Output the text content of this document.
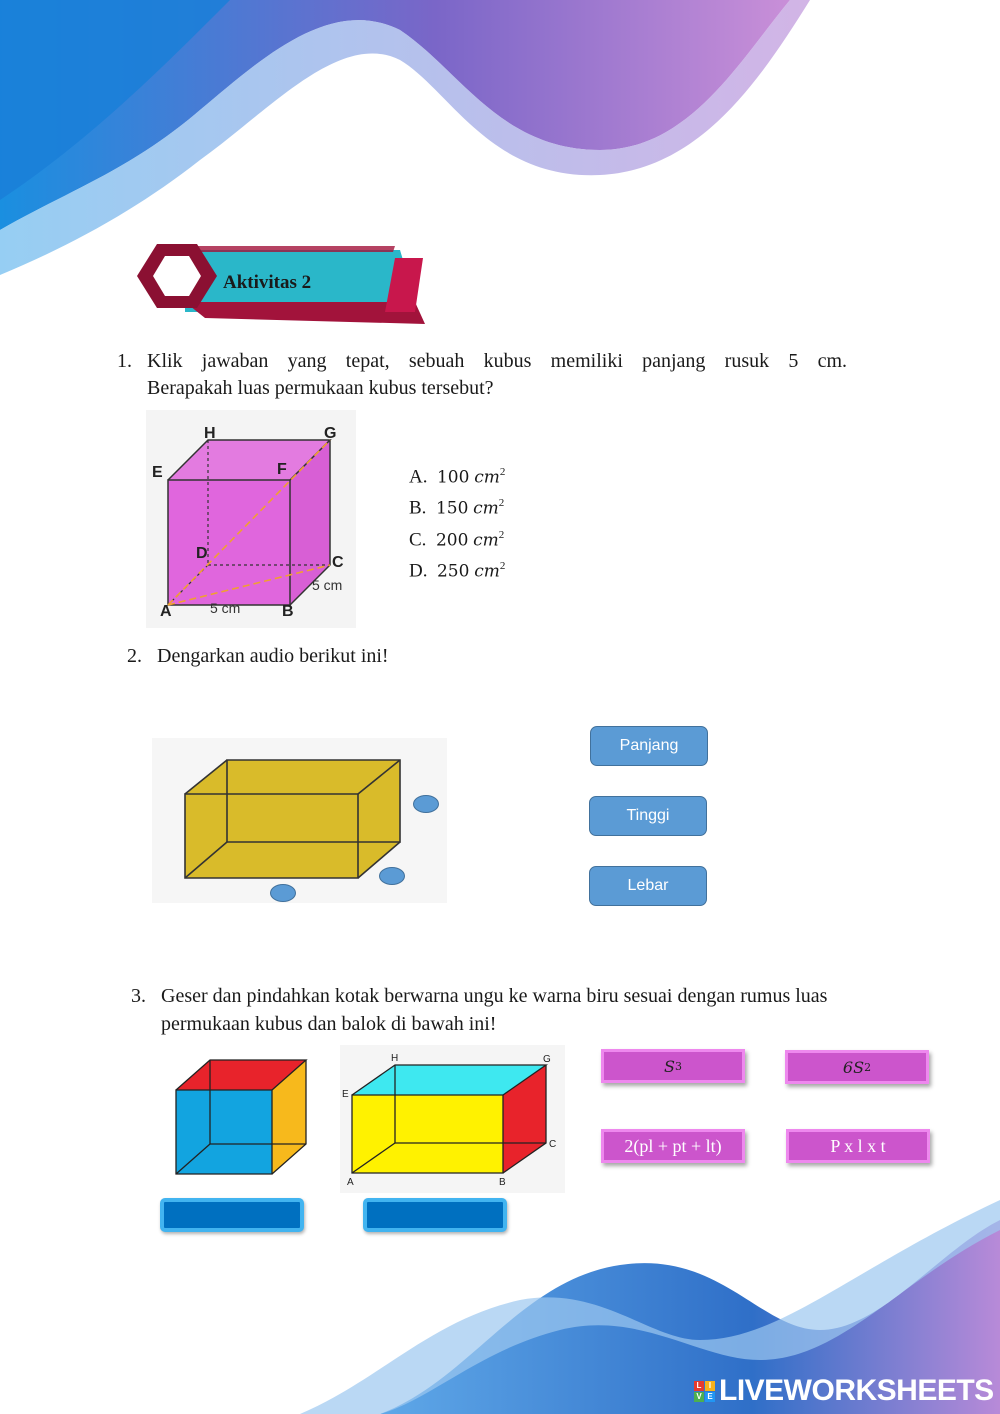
Aktivitas 2
1. Klik jawaban yang tepat, sebuah kubus memiliki panjang rusuk 5 cm.
Berapakah luas permukaan kubus tersebut?
H	G
E	F
D
C
A	B
5 cm
5 cm
A. 100 $cm^2$
B. 150 $cm^2$
C. 200 $cm^2$
D. 250 $cm^2$
2. Dengarkan audio berikut ini!
Panjang
Tinggi
Lebar
3. Geser dan pindahkan kotak berwarna ungu ke warna biru sesuai dengan rumus luas
permukaan kubus dan balok di bawah ini!
H	G
E
C
A	B
S 3	6S 2
2(pl + pt + lt)	P x l x t
L I
V E LIVEWORKSHEETS
